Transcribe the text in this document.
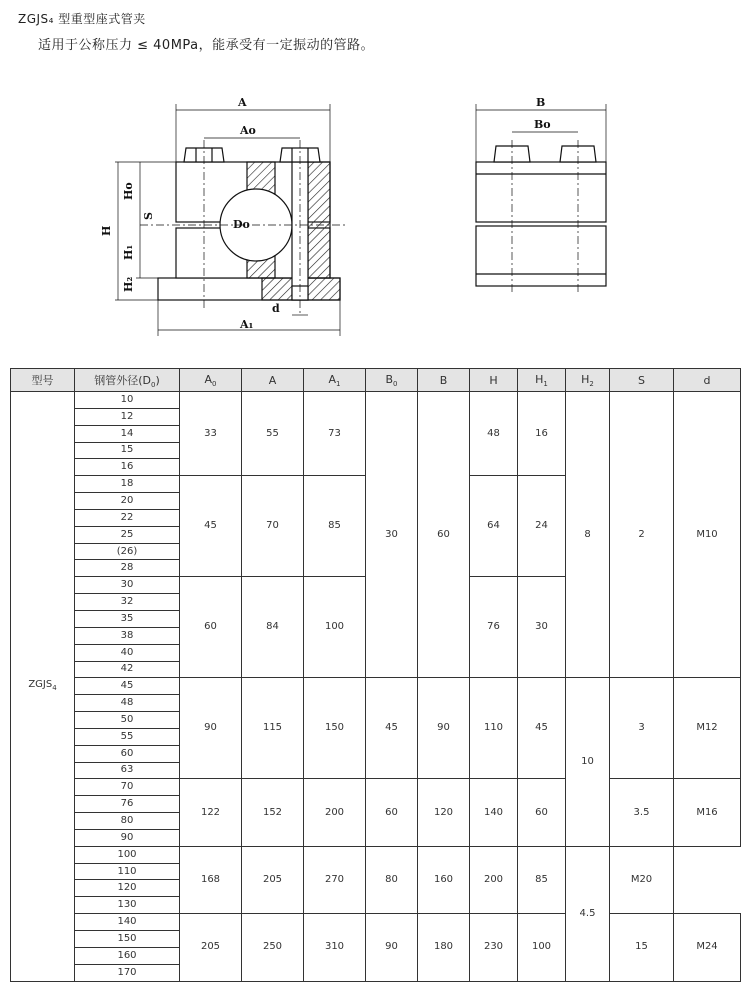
ZGJS₄ 型重型座式管夹
适用于公称压力 ≤ 40MPa，能承受有一定振动的管路。
A
Ao
Ho
S
H	Do
H₁
H₂
d
A₁
B
Bo
型号	钢管外径$(D_0)$	$A_0$	A	$A_1$	$B_0$	B	H	$H_1$	$H_2$	S	d
$ZGJS_4$	10	33	55	73	30	60	48	16	8	2	M10
	12										
	14										
	15										
	16										
	18	45	70	85			64	24			
	20										
	22										
	25										
	(26)										
	28										
	30	60	84	100			76	30			
	32										
	35										
	38										
	40										
	42										
	45	90	115	150	45	90	110	45	10	3	M12
	48										
	50										
	55										
	60										
	63										
	70	122	152	200	60	120	140	60		3.5	M16
	76										
	80										
	90										
	100	168	205	270	80	160	200	85	4.5	M20	
	110										
	120										
	130										
	140	205	250	310	90	180	230	100		15	M24
	150										
	160										
	170										
